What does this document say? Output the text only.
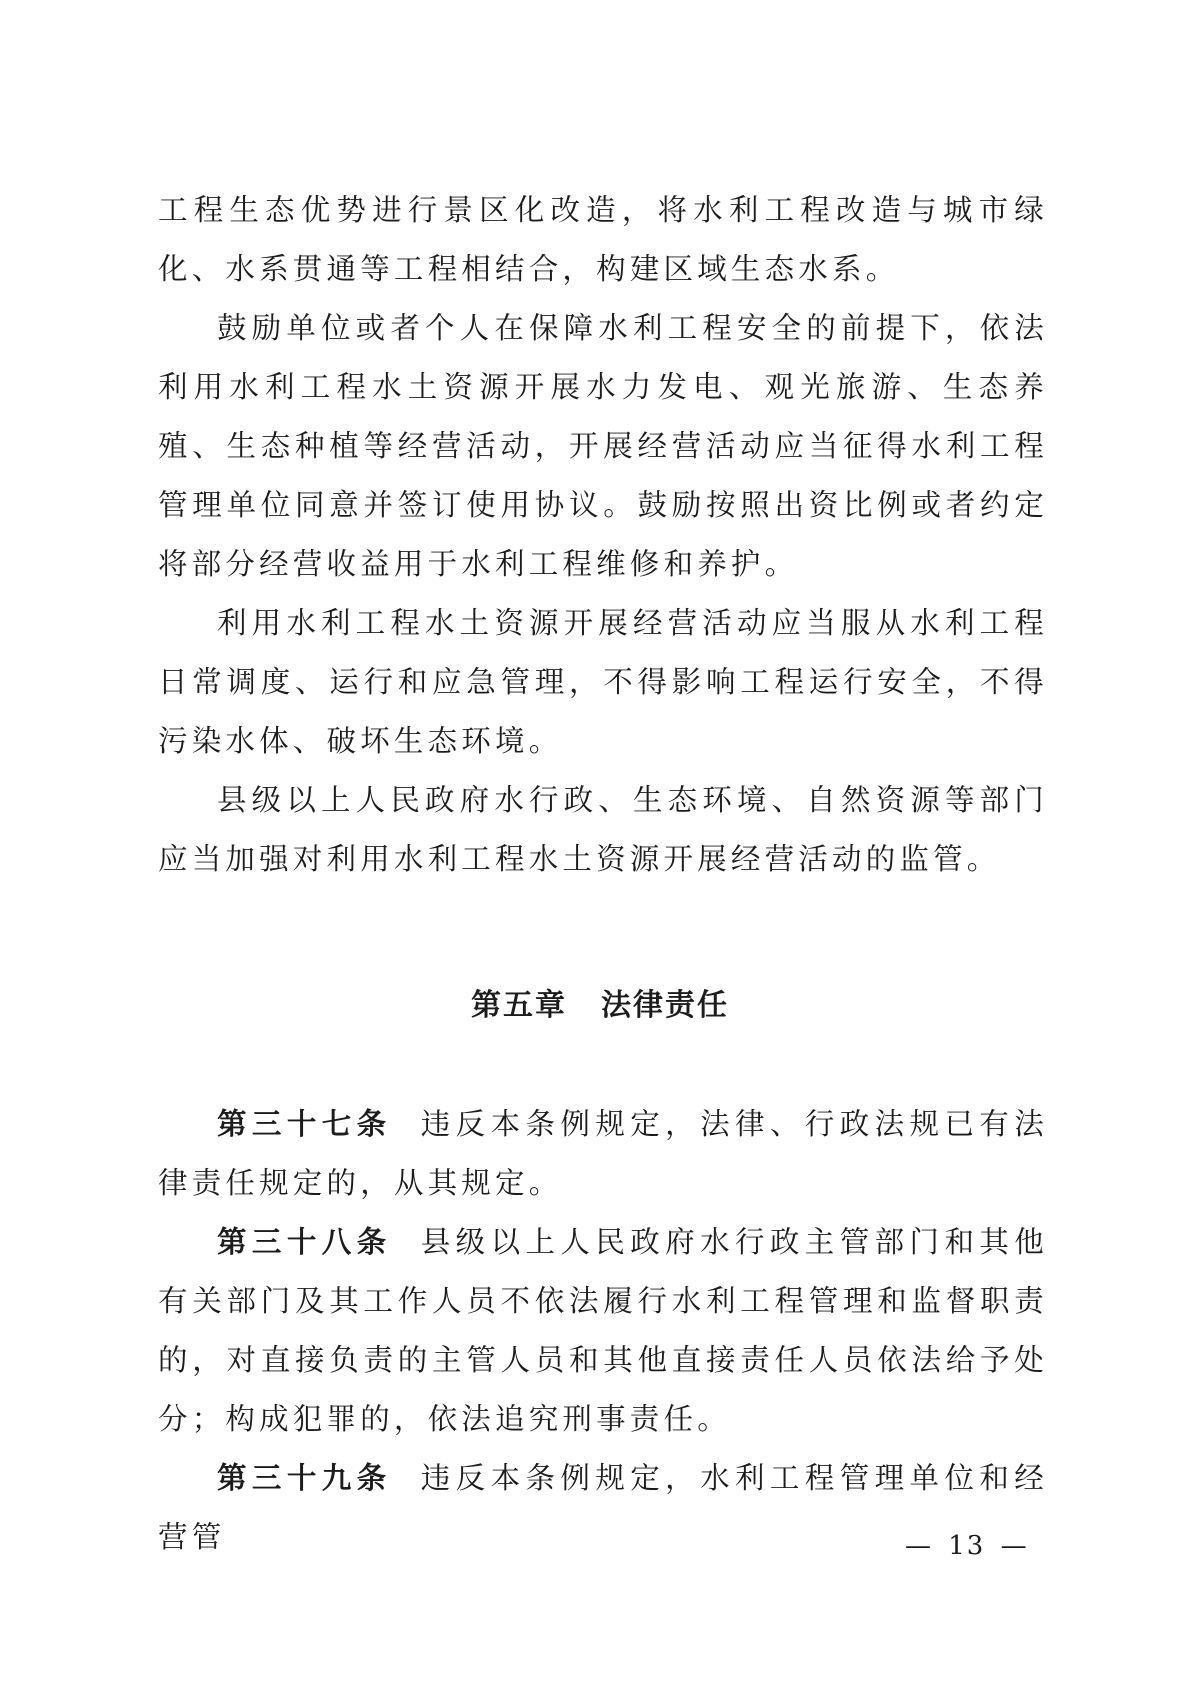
工程生态优势进行景区化改造，将水利工程改造与城市绿化、水系贯通等工程相结合，构建区域生态水系。

鼓励单位或者个人在保障水利工程安全的前提下，依法利用水利工程水土资源开展水力发电、观光旅游、生态养殖、生态种植等经营活动，开展经营活动应当征得水利工程管理单位同意并签订使用协议。鼓励按照出资比例或者约定将部分经营收益用于水利工程维修和养护。

利用水利工程水土资源开展经营活动应当服从水利工程日常调度、运行和应急管理，不得影响工程运行安全，不得污染水体、破坏生态环境。

县级以上人民政府水行政、生态环境、自然资源等部门应当加强对利用水利工程水土资源开展经营活动的监管。

第五章 法律责任

第三十七条 违反本条例规定，法律、行政法规已有法律责任规定的，从其规定。

第三十八条 县级以上人民政府水行政主管部门和其他有关部门及其工作人员不依法履行水利工程管理和监督职责的，对直接负责的主管人员和其他直接责任人员依法给予处分；构成犯罪的，依法追究刑事责任。

第三十九条 违反本条例规定，水利工程管理单位和经营管	— 13 —
